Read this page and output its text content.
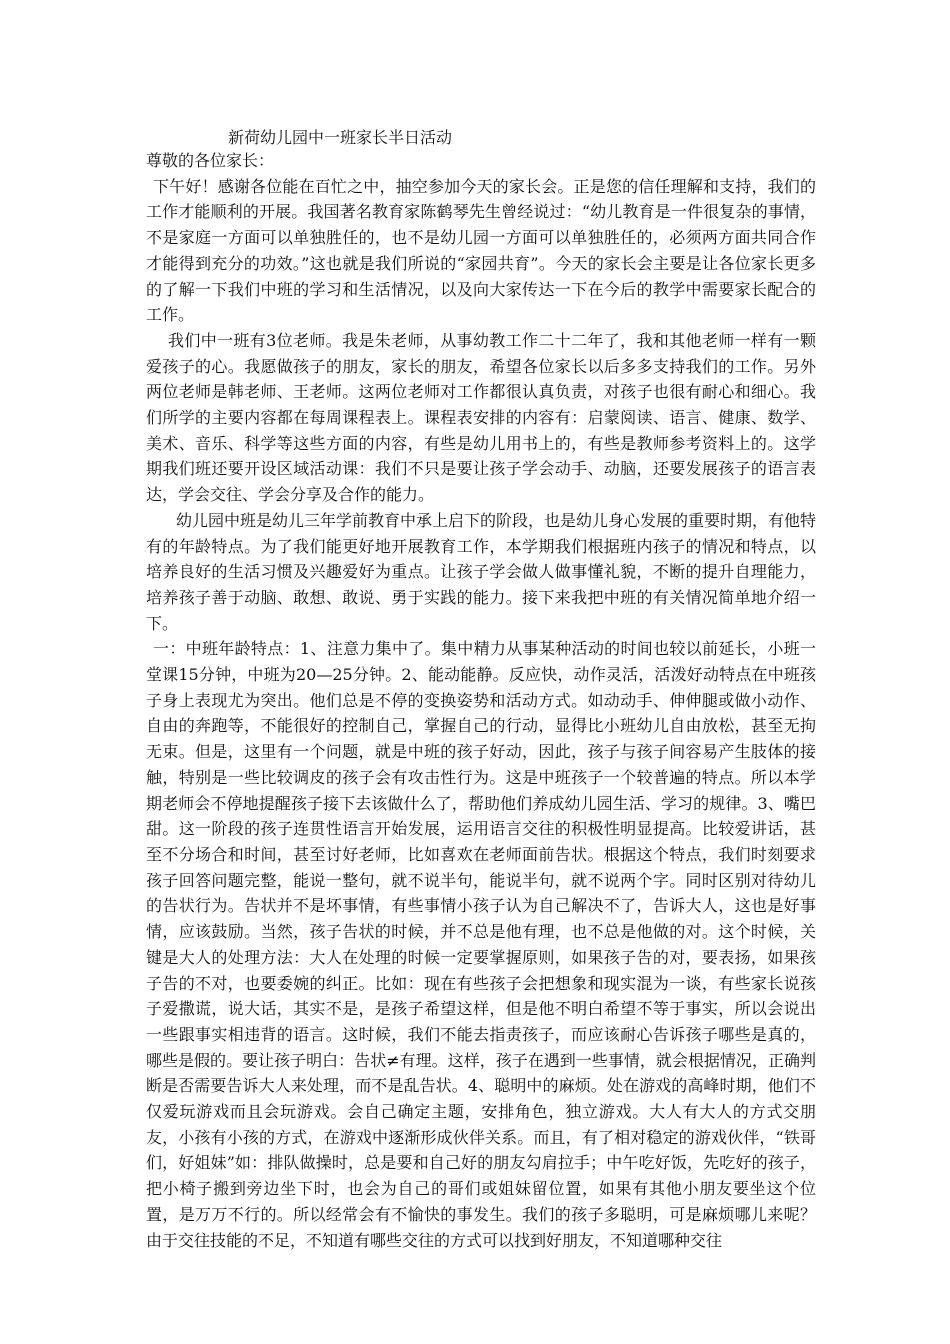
新荷幼儿园中一班家长半日活动

尊敬的各位家长：

下午好！感谢各位能在百忙之中，抽空参加今天的家长会。正是您的信任理解和支持，我们的工作才能顺利的开展。我国著名教育家陈鹤琴先生曾经说过：“幼儿教育是一件很复杂的事情，不是家庭一方面可以单独胜任的，也不是幼儿园一方面可以单独胜任的，必须两方面共同合作才能得到充分的功效。”这也就是我们所说的“家园共育”。今天的家长会主要是让各位家长更多的了解一下我们中班的学习和生活情况，以及向大家传达一下在今后的教学中需要家长配合的工作。

我们中一班有3位老师。我是朱老师，从事幼教工作二十二年了，我和其他老师一样有一颗爱孩子的心。我愿做孩子的朋友，家长的朋友，希望各位家长以后多多支持我们的工作。另外两位老师是韩老师、王老师。这两位老师对工作都很认真负责，对孩子也很有耐心和细心。我们所学的主要内容都在每周课程表上。课程表安排的内容有：启蒙阅读、语言、健康、数学、美术、音乐、科学等这些方面的内容，有些是幼儿用书上的，有些是教师参考资料上的。这学期我们班还要开设区域活动课：我们不只是要让孩子学会动手、动脑，还要发展孩子的语言表达，学会交往、学会分享及合作的能力。

幼儿园中班是幼儿三年学前教育中承上启下的阶段，也是幼儿身心发展的重要时期，有他特有的年龄特点。为了我们能更好地开展教育工作，本学期我们根据班内孩子的情况和特点，以培养良好的生活习惯及兴趣爱好为重点。让孩子学会做人做事懂礼貌，不断的提升自理能力，培养孩子善于动脑、敢想、敢说、勇于实践的能力。接下来我把中班的有关情况简单地介绍一下。

一：中班年龄特点：1、注意力集中了。集中精力从事某种活动的时间也较以前延长，小班一堂课15分钟，中班为20—25分钟。2、能动能静。反应快，动作灵活，活泼好动特点在中班孩子身上表现尤为突出。他们总是不停的变换姿势和活动方式。如动动手、伸伸腿或做小动作、自由的奔跑等，不能很好的控制自己，掌握自己的行动，显得比小班幼儿自由放松，甚至无拘无束。但是，这里有一个问题，就是中班的孩子好动，因此，孩子与孩子间容易产生肢体的接触，特别是一些比较调皮的孩子会有攻击性行为。这是中班孩子一个较普遍的特点。所以本学期老师会不停地提醒孩子接下去该做什么了，帮助他们养成幼儿园生活、学习的规律。3、嘴巴甜。这一阶段的孩子连贯性语言开始发展，运用语言交往的积极性明显提高。比较爱讲话，甚至不分场合和时间，甚至讨好老师，比如喜欢在老师面前告状。根据这个特点，我们时刻要求孩子回答问题完整，能说一整句，就不说半句，能说半句，就不说两个字。同时区别对待幼儿的告状行为。告状并不是坏事情，有些事情小孩子认为自己解决不了，告诉大人，这也是好事情，应该鼓励。当然，孩子告状的时候，并不总是他有理，也不总是他做的对。这个时候，关键是大人的处理方法：大人在处理的时候一定要掌握原则，如果孩子告的对，要表扬，如果孩子告的不对，也要委婉的纠正。比如：现在有些孩子会把想象和现实混为一谈，有些家长说孩子爱撒谎，说大话，其实不是，是孩子希望这样，但是他不明白希望不等于事实，所以会说出一些跟事实相违背的语言。这时候，我们不能去指责孩子，而应该耐心告诉孩子哪些是真的，哪些是假的。要让孩子明白：告状≠有理。这样，孩子在遇到一些事情，就会根据情况，正确判断是否需要告诉大人来处理，而不是乱告状。4、聪明中的麻烦。处在游戏的高峰时期，他们不仅爱玩游戏而且会玩游戏。会自己确定主题，安排角色，独立游戏。大人有大人的方式交朋友，小孩有小孩的方式，在游戏中逐渐形成伙伴关系。而且，有了相对稳定的游戏伙伴，“铁哥们，好姐妹”如：排队做操时，总是要和自己好的朋友勾肩拉手；中午吃好饭，先吃好的孩子，把小椅子搬到旁边坐下时，也会为自己的哥们或姐妹留位置，如果有其他小朋友要坐这个位置，是万万不行的。所以经常会有不愉快的事发生。我们的孩子多聪明，可是麻烦哪儿来呢？由于交往技能的不足，不知道有哪些交往的方式可以找到好朋友，不知道哪种交往
